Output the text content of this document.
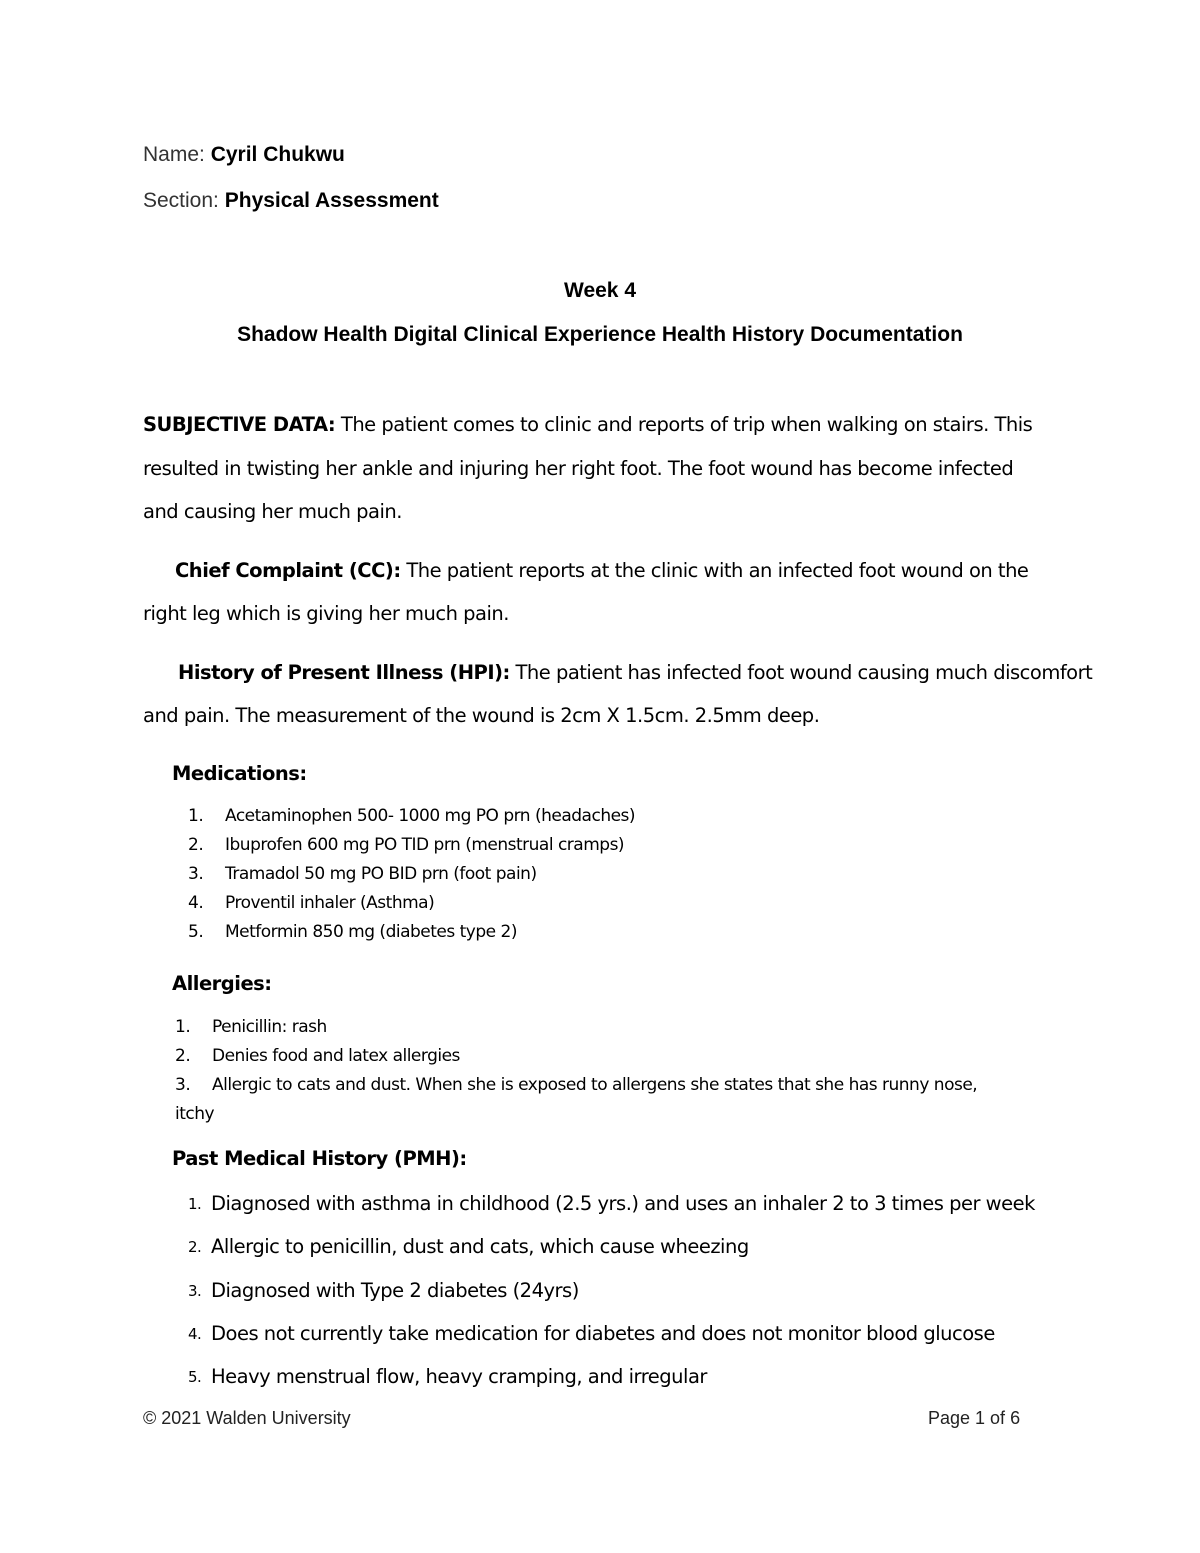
Name: Cyril Chukwu
Section: Physical Assessment
Week 4
Shadow Health Digital Clinical Experience Health History Documentation
SUBJECTIVE DATA: The patient comes to clinic and reports of trip when walking on stairs. This
resulted in twisting her ankle and injuring her right foot. The foot wound has become infected
and causing her much pain.
Chief Complaint (CC): The patient reports at the clinic with an infected foot wound on the
right leg which is giving her much pain.
History of Present Illness (HPI): The patient has infected foot wound causing much discomfort
and pain. The measurement of the wound is 2cm X 1.5cm. 2.5mm deep.
Medications:
1. Acetaminophen 500- 1000 mg PO prn (headaches)
2. Ibuprofen 600 mg PO TID prn (menstrual cramps)
3. Tramadol 50 mg PO BID prn (foot pain)
4. Proventil inhaler (Asthma)
5. Metformin 850 mg (diabetes type 2)
Allergies:
1. Penicillin: rash
2. Denies food and latex allergies
3. Allergic to cats and dust. When she is exposed to allergens she states that she has runny nose,
itchy
Past Medical History (PMH):
1. Diagnosed with asthma in childhood (2.5 yrs.) and uses an inhaler 2 to 3 times per week
2. Allergic to penicillin, dust and cats, which cause wheezing
3. Diagnosed with Type 2 diabetes (24yrs)
4. Does not currently take medication for diabetes and does not monitor blood glucose
5. Heavy menstrual flow, heavy cramping, and irregular
© 2021 Walden University	Page 1 of 6
